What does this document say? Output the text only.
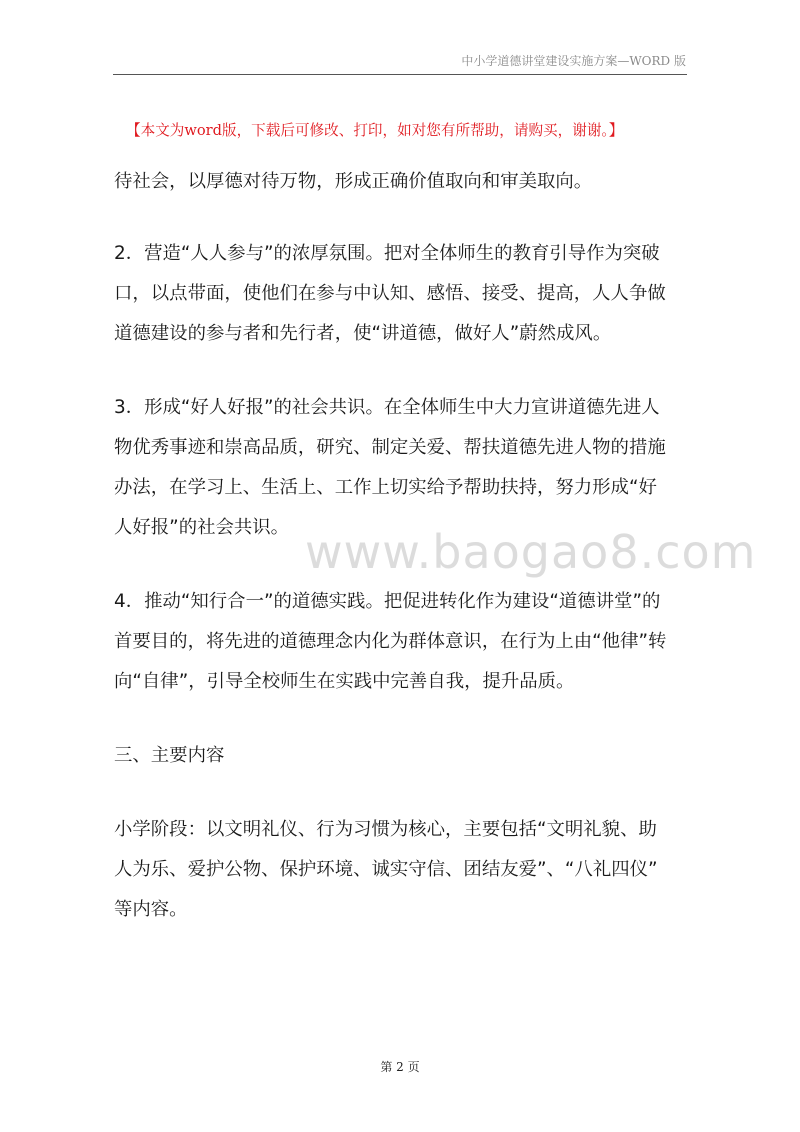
中小学道德讲堂建设实施方案—WORD 版
【本文为word版，下载后可修改、打印，如对您有所帮助，请购买，谢谢。】

待社会，以厚德对待万物，形成正确价值取向和审美取向。

2．营造“人人参与”的浓厚氛围。把对全体师生的教育引导作为突破
口，以点带面，使他们在参与中认知、感悟、接受、提高，人人争做
道德建设的参与者和先行者，使“讲道德，做好人”蔚然成风。

3．形成“好人好报”的社会共识。在全体师生中大力宣讲道德先进人
物优秀事迹和崇高品质，研究、制定关爱、帮扶道德先进人物的措施
办法，在学习上、生活上、工作上切实给予帮助扶持，努力形成“好
人好报”的社会共识。

4．推动“知行合一”的道德实践。把促进转化作为建设“道德讲堂”的
首要目的，将先进的道德理念内化为群体意识，在行为上由“他律”转
向“自律”，引导全校师生在实践中完善自我，提升品质。

三、主要内容

小学阶段：以文明礼仪、行为习惯为核心，主要包括“文明礼貌、助
人为乐、爱护公物、保护环境、诚实守信、团结友爱”、“八礼四仪”
等内容。

www.baogao8.com
第 2 页
